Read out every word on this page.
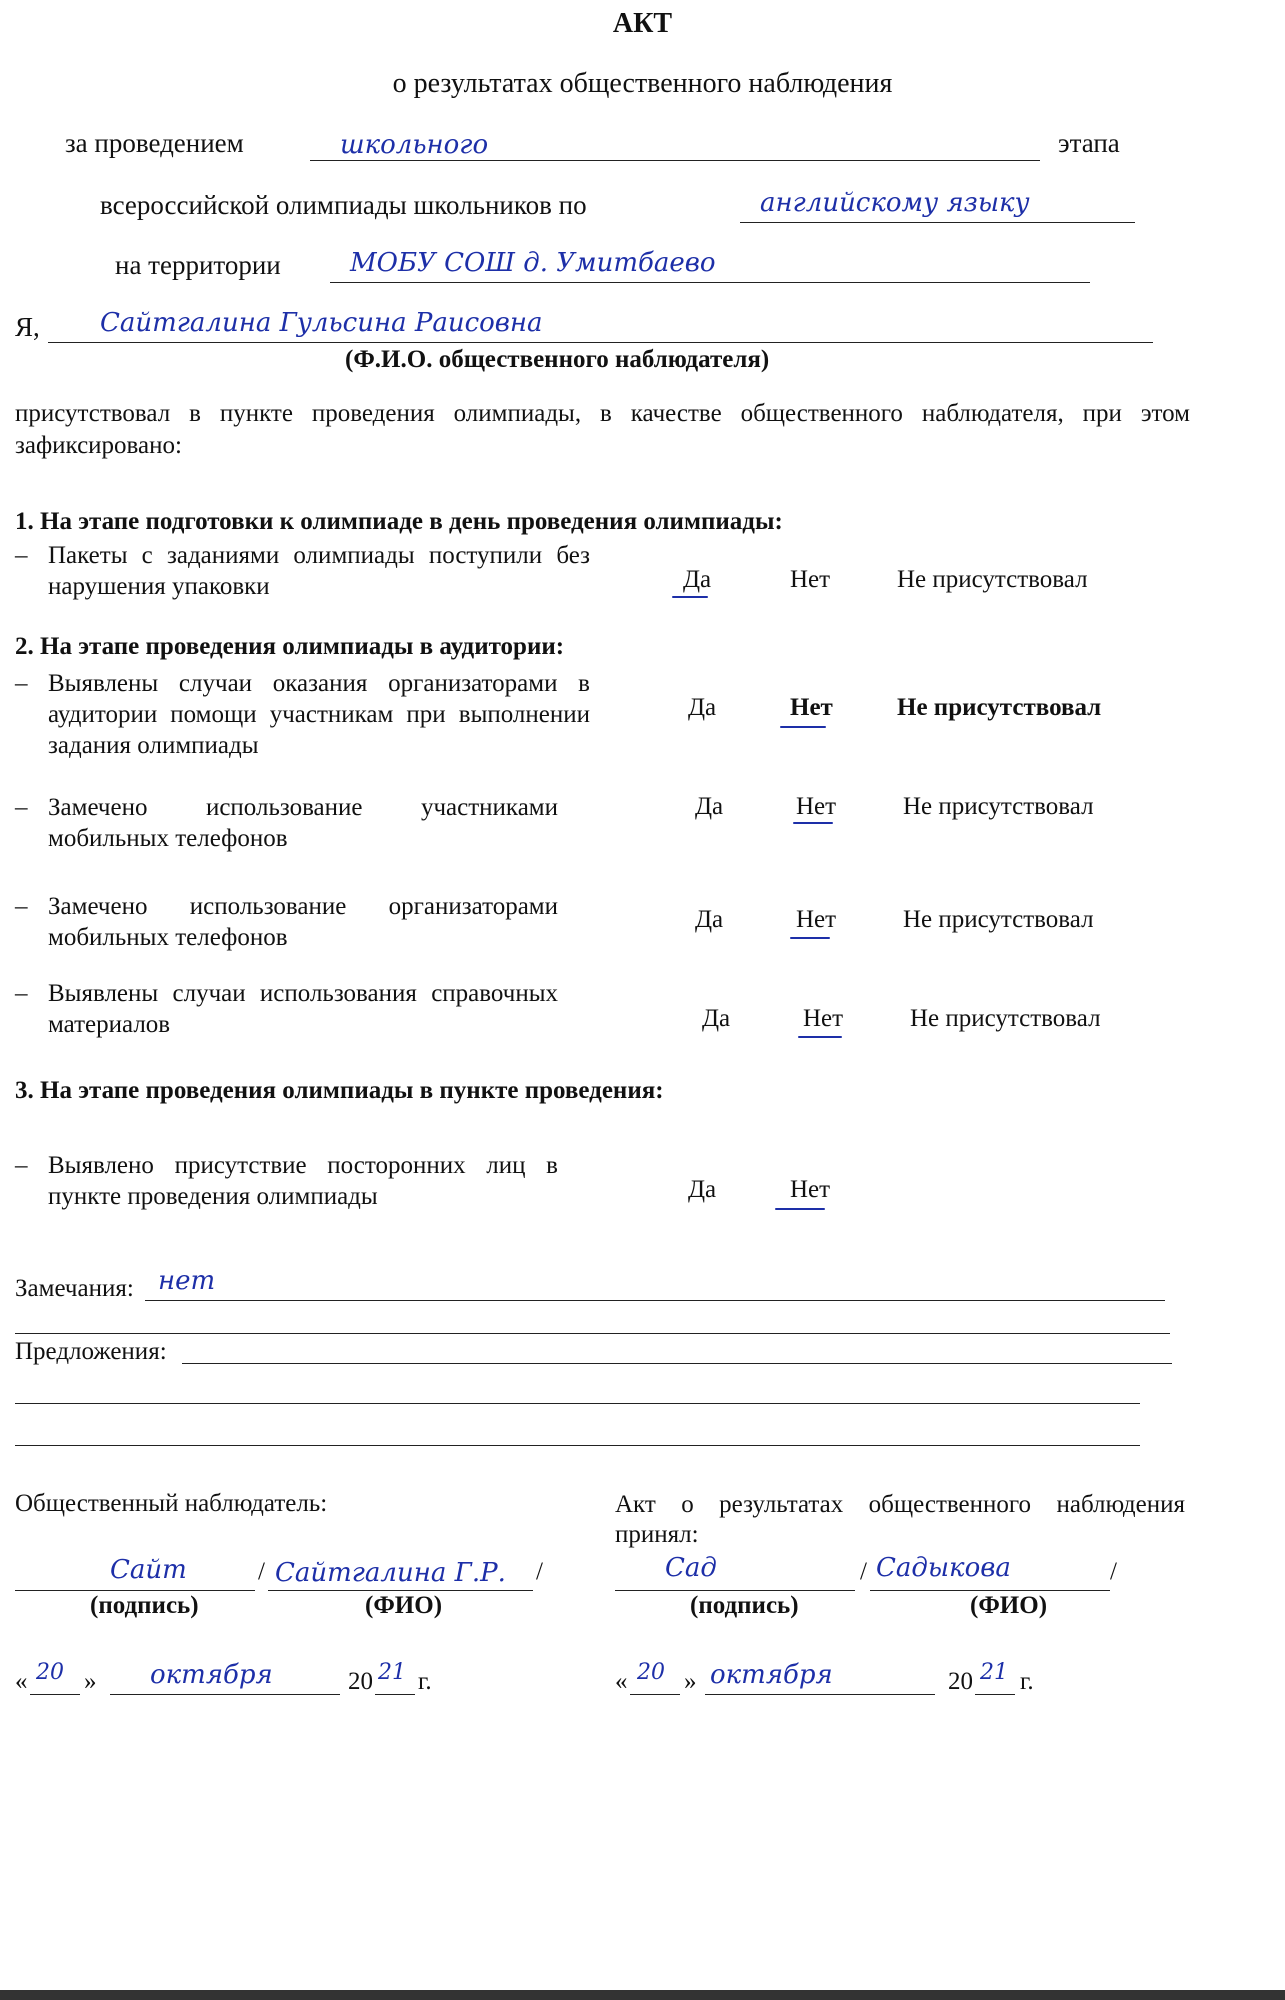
АКТ
о результатах общественного наблюдения
за проведением	школьного	этапа
всероссийской олимпиады школьников по	английскому языку
на территории	МОБУ СОШ д. Умитбаево
Я, Сайтгалина Гульсина Раисовна
(Ф.И.О. общественного наблюдателя)
присутствовал в пункте проведения олимпиады, в качестве общественного наблюдателя, при этом зафиксировано:
1. На этапе подготовки к олимпиаде в день проведения олимпиады:
– Пакеты с заданиями олимпиады поступили без нарушения упаковки	Да	Нет	Не присутствовал
2. На этапе проведения олимпиады в аудитории:
– Выявлены случаи оказания организаторами в аудитории помощи участникам при выполнении задания олимпиады
Да	Нет	Не присутствовал
– Замечено использование участниками мобильных телефонов
Да	Нет	Не присутствовал
– Замечено использование организаторами мобильных телефонов
Да	Нет	Не присутствовал
– Выявлены случаи использования справочных материалов	Да	Нет	Не присутствовал
3. На этапе проведения олимпиады в пункте проведения:
– Выявлено присутствие посторонних лиц в пункте проведения олимпиады	Да	Нет
Замечания: нет
Предложения:
Общественный наблюдатель:	Акт о результатах общественного наблюдения принял:
Сайт	/ Сайтгалина Г.Р. /
(подпись)	(ФИО)
Сад	/ Садыкова	/
(подпись)	(ФИО)
« 20 » октября	20 21 г.	« 20 » октября	20 21 г.
